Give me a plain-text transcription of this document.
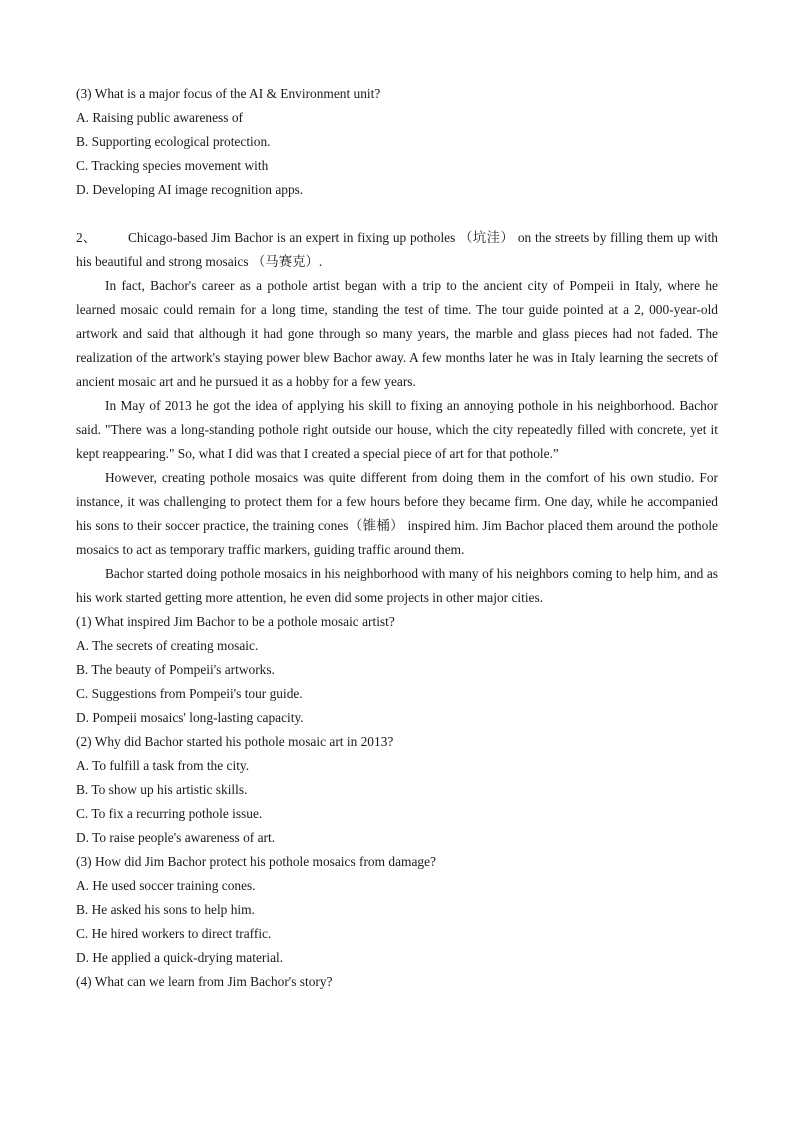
(3) What is a major focus of the AI & Environment unit?
A. Raising public awareness of
B. Supporting ecological protection.
C. Tracking species movement with
D. Developing AI image recognition apps.
2、 Chicago-based Jim Bachor is an expert in fixing up potholes （坑洼） on the streets by filling them up with his beautiful and strong mosaics （马赛克）.
In fact, Bachor's career as a pothole artist began with a trip to the ancient city of Pompeii in Italy, where he learned mosaic could remain for a long time, standing the test of time. The tour guide pointed at a 2, 000-year-old artwork and said that although it had gone through so many years, the marble and glass pieces had not faded. The realization of the artwork's staying power blew Bachor away. A few months later he was in Italy learning the secrets of ancient mosaic art and he pursued it as a hobby for a few years.
In May of 2013 he got the idea of applying his skill to fixing an annoying pothole in his neighborhood. Bachor said. "There was a long-standing pothole right outside our house, which the city repeatedly filled with concrete, yet it kept reappearing." So, what I did was that I created a special piece of art for that pothole.”
However, creating pothole mosaics was quite different from doing them in the comfort of his own studio. For instance, it was challenging to protect them for a few hours before they became firm. One day, while he accompanied his sons to their soccer practice, the training cones（锥桶） inspired him. Jim Bachor placed them around the pothole mosaics to act as temporary traffic markers, guiding traffic around them.
Bachor started doing pothole mosaics in his neighborhood with many of his neighbors coming to help him, and as his work started getting more attention, he even did some projects in other major cities.
(1) What inspired Jim Bachor to be a pothole mosaic artist?
A. The secrets of creating mosaic.
B. The beauty of Pompeii's artworks.
C. Suggestions from Pompeii's tour guide.
D. Pompeii mosaics' long-lasting capacity.
(2) Why did Bachor started his pothole mosaic art in 2013?
A. To fulfill a task from the city.
B. To show up his artistic skills.
C. To fix a recurring pothole issue.
D. To raise people's awareness of art.
(3) How did Jim Bachor protect his pothole mosaics from damage?
A. He used soccer training cones.
B. He asked his sons to help him.
C. He hired workers to direct traffic.
D. He applied a quick-drying material.
(4) What can we learn from Jim Bachor's story?
